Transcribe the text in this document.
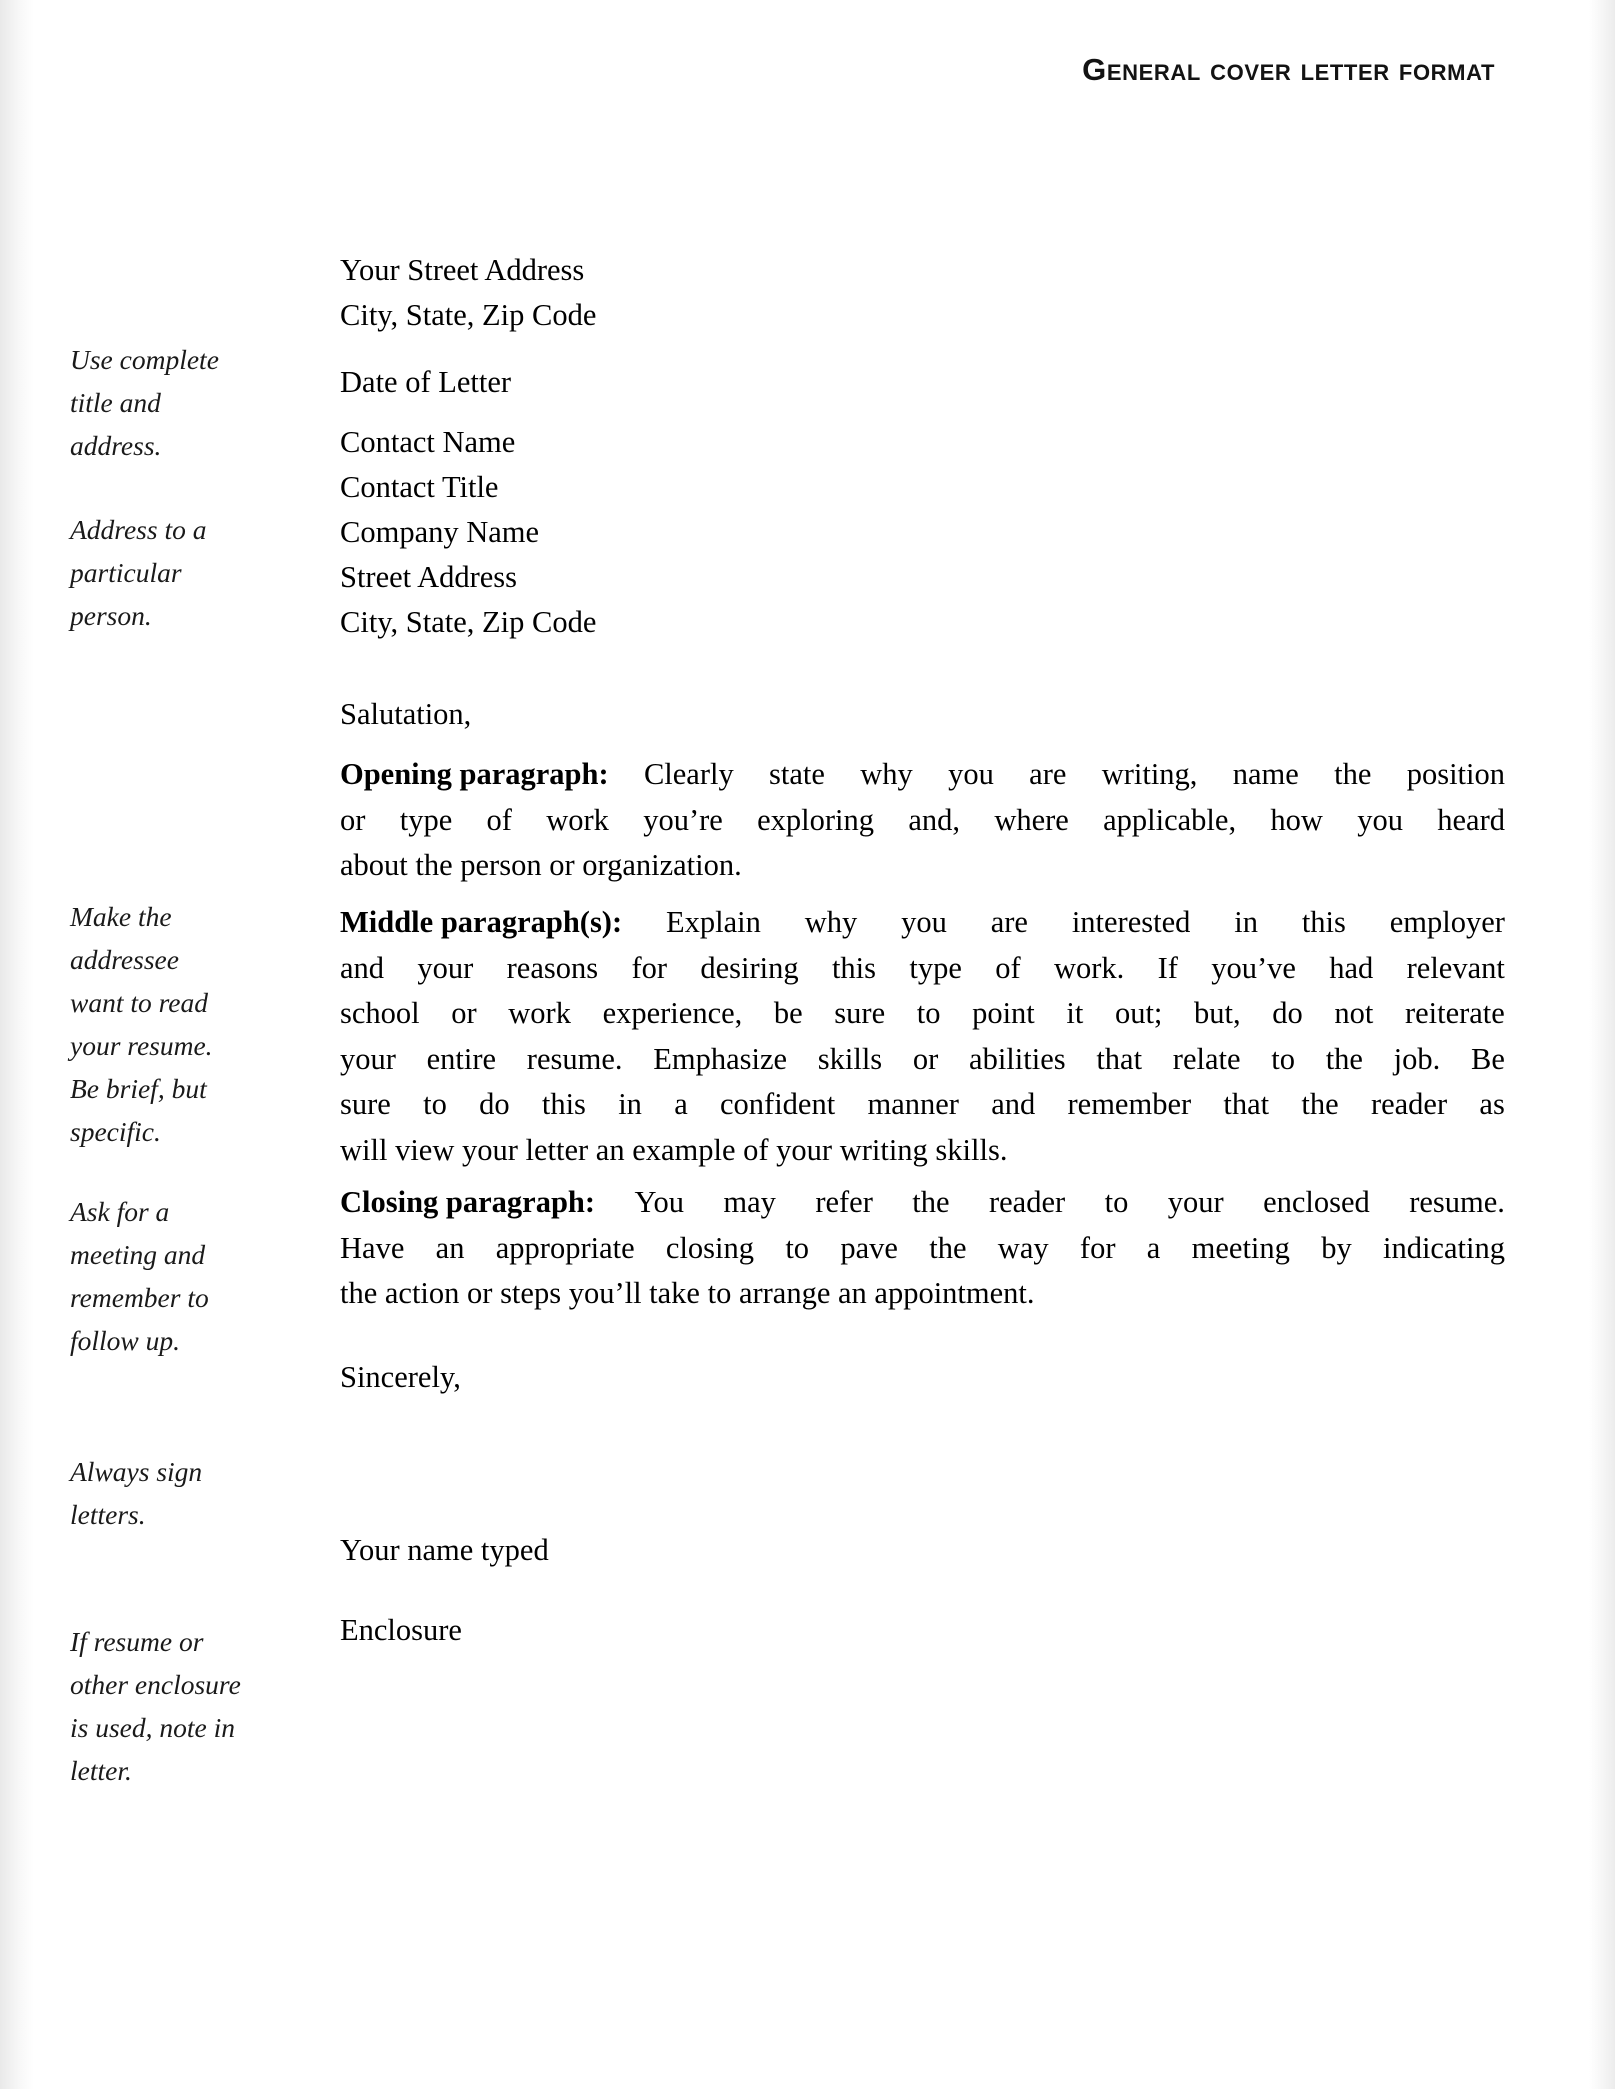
General cover letter format
Use complete
title and
address.
Address to a
particular
person.
Make the
addressee
want to read
your resume.
Be brief, but
specific.
Ask for a
meeting and
remember to
follow up.
Always sign
letters.
If resume or
other enclosure
is used, note in
letter.
Your Street Address
City, State, Zip Code
Date of Letter
Contact Name
Contact Title
Company Name
Street Address
City, State, Zip Code
Salutation,
Opening paragraph: Clearly state why you are writing, name the position
or type of work you’re exploring and, where applicable, how you heard
about the person or organization.
Middle paragraph(s): Explain why you are interested in this employer
and your reasons for desiring this type of work. If you’ve had relevant
school or work experience, be sure to point it out; but, do not reiterate
your entire resume. Emphasize skills or abilities that relate to the job. Be
sure to do this in a confident manner and remember that the reader as
will view your letter an example of your writing skills.
Closing paragraph: You may refer the reader to your enclosed resume.
Have an appropriate closing to pave the way for a meeting by indicating
the action or steps you’ll take to arrange an appointment.
Sincerely,
Your name typed
Enclosure
